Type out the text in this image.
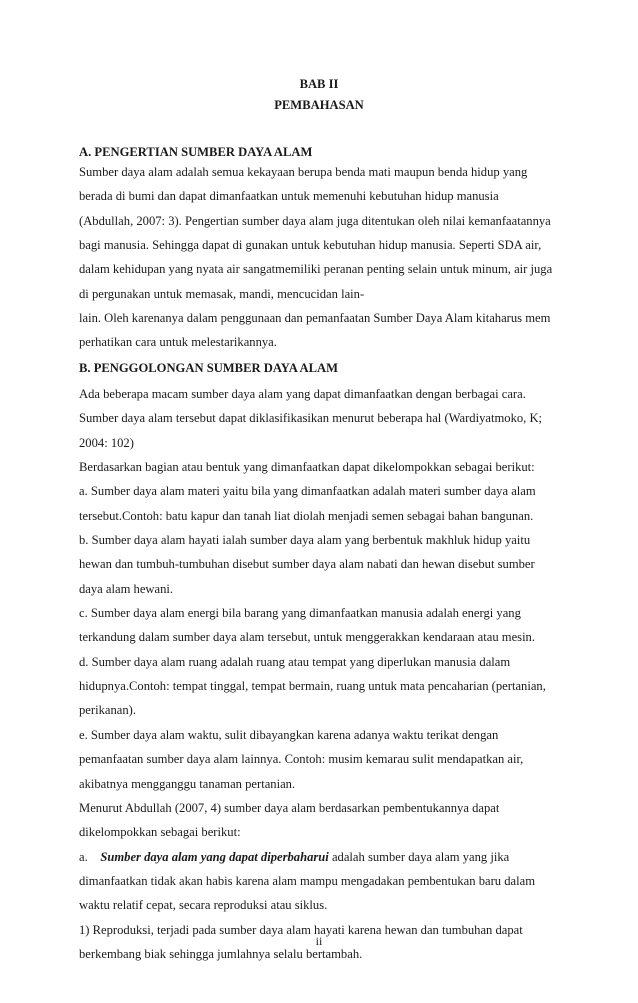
BAB II
PEMBAHASAN
A. PENGERTIAN SUMBER DAYA ALAM
Sumber daya alam adalah semua kekayaan berupa benda mati maupun benda hidup yang
berada di bumi dan dapat dimanfaatkan untuk memenuhi kebutuhan hidup manusia
(Abdullah, 2007: 3). Pengertian sumber daya alam juga ditentukan oleh nilai kemanfaatannya
bagi manusia. Sehingga dapat di gunakan untuk kebutuhan hidup manusia. Seperti SDA air,
dalam kehidupan yang nyata air sangatmemiliki peranan penting selain untuk minum, air juga
di pergunakan untuk memasak, mandi, mencucidan lain-
lain. Oleh karenanya dalam penggunaan dan pemanfaatan Sumber Daya Alam kitaharus mem
perhatikan cara untuk melestarikannya.
B. PENGGOLONGAN SUMBER DAYA ALAM
Ada beberapa macam sumber daya alam yang dapat dimanfaatkan dengan berbagai cara.
Sumber daya alam tersebut dapat diklasifikasikan menurut beberapa hal (Wardiyatmoko, K;
2004: 102)
Berdasarkan bagian atau bentuk yang dimanfaatkan dapat dikelompokkan sebagai berikut:
a. Sumber daya alam materi yaitu bila yang dimanfaatkan adalah materi sumber daya alam
tersebut.Contoh: batu kapur dan tanah liat diolah menjadi semen sebagai bahan bangunan.
b. Sumber daya alam hayati ialah sumber daya alam yang berbentuk makhluk hidup yaitu
hewan dan tumbuh-tumbuhan disebut sumber daya alam nabati dan hewan disebut sumber
daya alam hewani.
c. Sumber daya alam energi bila barang yang dimanfaatkan manusia adalah energi yang
terkandung dalam sumber daya alam tersebut, untuk menggerakkan kendaraan atau mesin.
d. Sumber daya alam ruang adalah ruang atau tempat yang diperlukan manusia dalam
hidupnya.Contoh: tempat tinggal, tempat bermain, ruang untuk mata pencaharian (pertanian,
perikanan).
e. Sumber daya alam waktu, sulit dibayangkan karena adanya waktu terikat dengan
pemanfaatan sumber daya alam lainnya. Contoh: musim kemarau sulit mendapatkan air,
akibatnya mengganggu tanaman pertanian.
Menurut Abdullah (2007, 4) sumber daya alam berdasarkan pembentukannya dapat
dikelompokkan sebagai berikut:
a.    Sumber daya alam yang dapat diperbaharui adalah sumber daya alam yang jika
dimanfaatkan tidak akan habis karena alam mampu mengadakan pembentukan baru dalam
waktu relatif cepat, secara reproduksi atau siklus.
1) Reproduksi, terjadi pada sumber daya alam hayati karena hewan dan tumbuhan dapat
berkembang biak sehingga jumlahnya selalu bertambah.
ii
